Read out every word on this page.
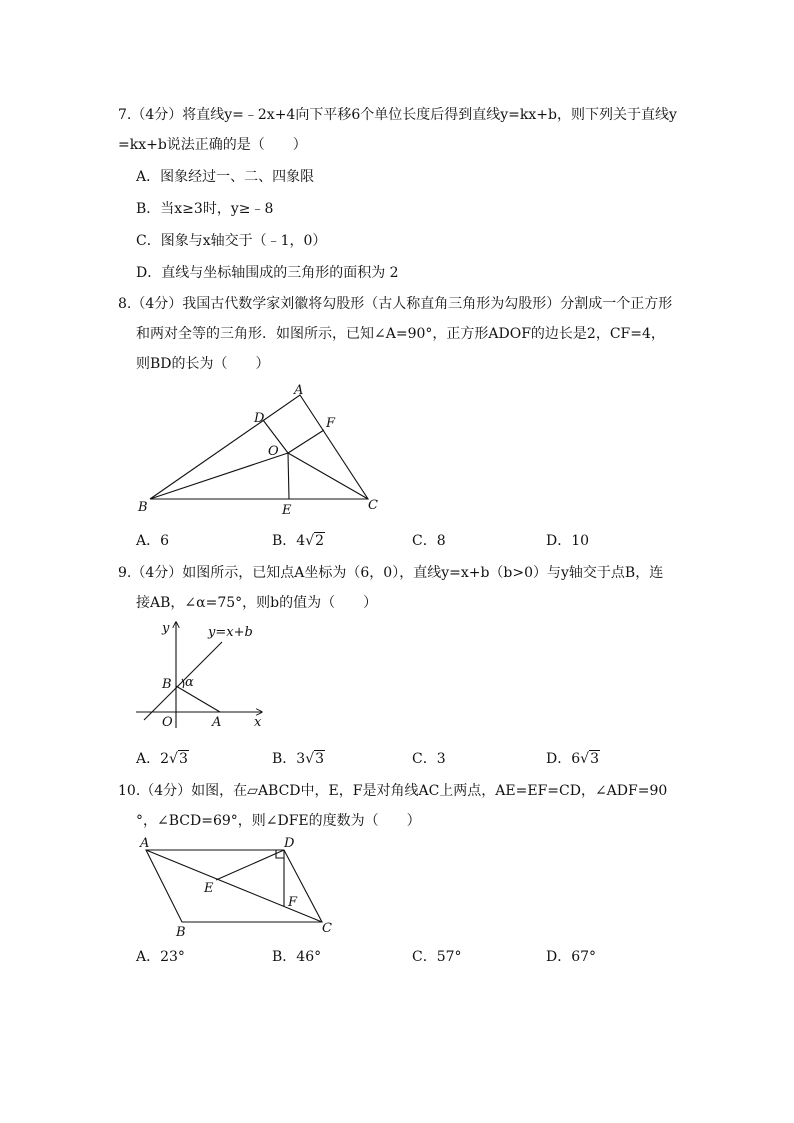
7.（4分）将直线y=﹣2x+4向下平移6个单位长度后得到直线y=kx+b，则下列关于直线y
=kx+b说法正确的是（　　）
A．图象经过一、二、四象限
B．当x≥3时，y≥﹣8
C．图象与x轴交于（﹣1，0）
D．直线与坐标轴围成的三角形的面积为 2
8.（4分）我国古代数学家刘徽将勾股形（古人称直角三角形为勾股形）分割成一个正方形
和两对全等的三角形．如图所示，已知∠A=90°，正方形ADOF的边长是2，CF=4，
则BD的长为（　　）
A
D	F
O
B	E	C
A．6	B．4√2	C．8	D．10
9.（4分）如图所示，已知点A坐标为（6，0），直线y=x+b（b>0）与y轴交于点B，连
接AB，∠α=75°，则b的值为（　　）
y	y=x+b
B α
O	A	x
A．2√3	B．3√3	C．3	D．6√3
10.（4分）如图，在▱ABCD中，E，F是对角线AC上两点，AE=EF=CD，∠ADF=90
°，∠BCD=69°，则∠DFE的度数为（　　）
A	D
E
F
B	C
A．23°	B．46°	C．57°	D．67°
